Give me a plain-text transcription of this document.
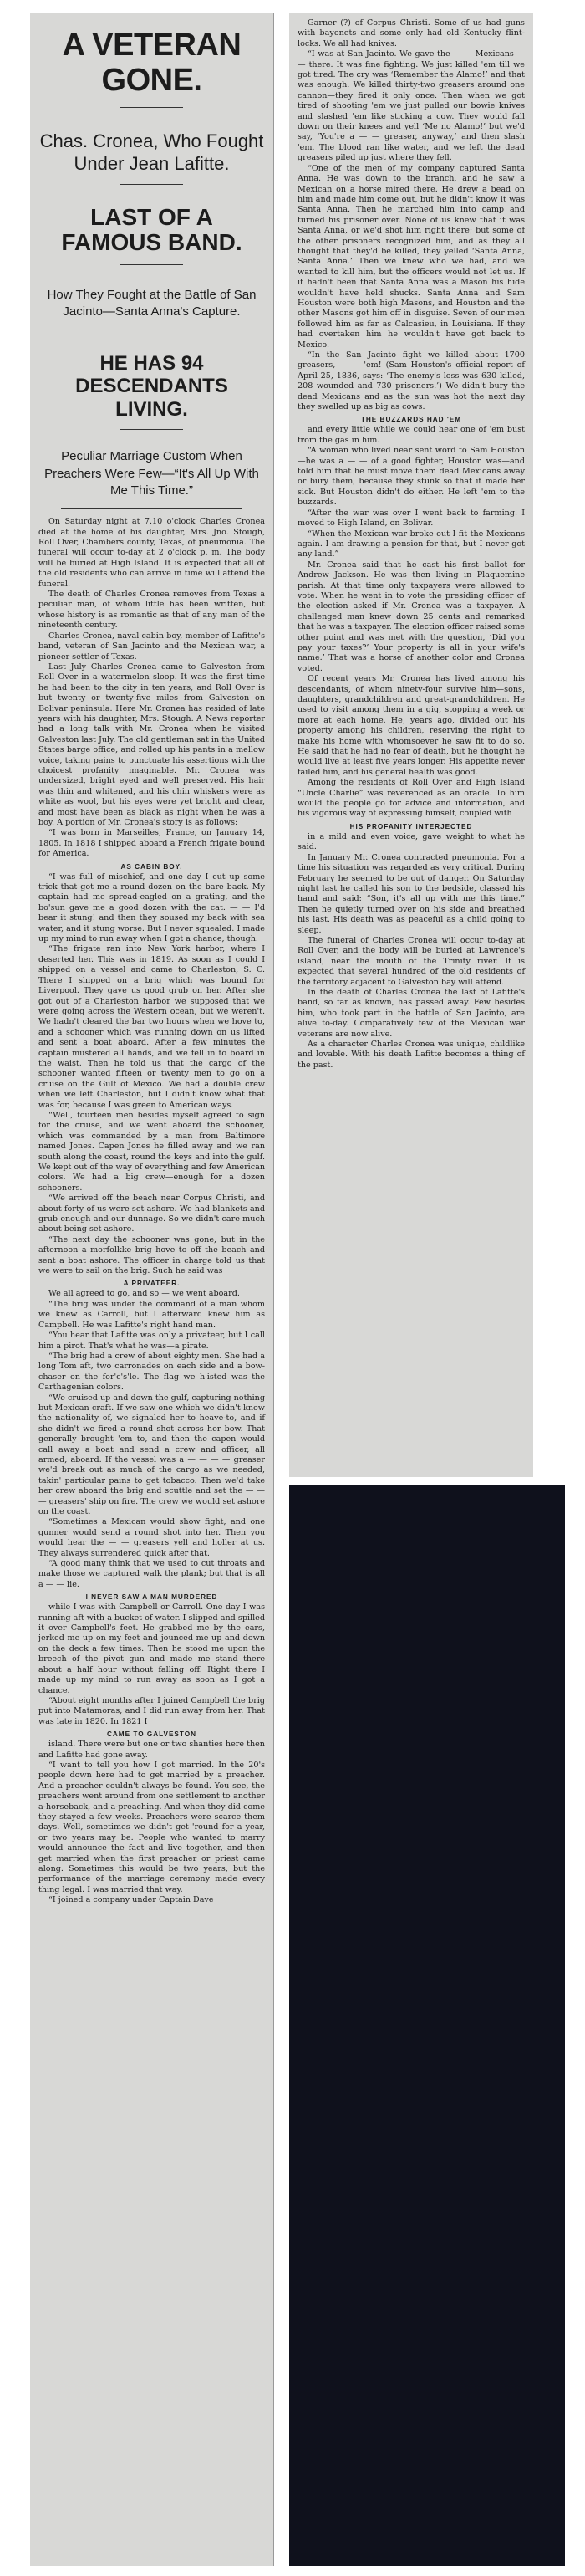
A VETERAN GONE.
Chas. Cronea, Who Fought Under Jean Lafitte.
LAST OF A FAMOUS BAND.
How They Fought at the Battle of San Jacinto—Santa Anna's Capture.
HE HAS 94 DESCENDANTS LIVING.
Peculiar Marriage Custom When Preachers Were Few—“It's All Up With Me This Time.”
On Saturday night at 7.10 o'clock Charles Cronea died at the home of his daughter, Mrs. Jno. Stough, Roll Over, Chambers county, Texas, of pneumonia. The funeral will occur to-day at 2 o'clock p. m. The body will be buried at High Island. It is expected that all of the old residents who can arrive in time will attend the funeral.
The death of Charles Cronea removes from Texas a peculiar man, of whom little has been written, but whose history is as romantic as that of any man of the nineteenth century.
Charles Cronea, naval cabin boy, member of Lafitte's band, veteran of San Jacinto and the Mexican war, a pioneer settler of Texas.
Last July Charles Cronea came to Galveston from Roll Over in a watermelon sloop. It was the first time he had been to the city in ten years, and Roll Over is but twenty or twenty-five miles from Galveston on Bolivar peninsula. Here Mr. Cronea has resided of late years with his daughter, Mrs. Stough. A News reporter had a long talk with Mr. Cronea when he visited Galveston last July. The old gentleman sat in the United States barge office, and rolled up his pants in a mellow voice, taking pains to punctuate his assertions with the choicest profanity imaginable. Mr. Cronea was undersized, bright eyed and well preserved. His hair was thin and whitened, and his chin whiskers were as white as wool, but his eyes were yet bright and clear, and most have been as black as night when he was a boy. A portion of Mr. Cronea's story is as follows:
“I was born in Marseilles, France, on January 14, 1805. In 1818 I shipped aboard a French frigate bound for America.
AS CABIN BOY.
“I was full of mischief, and one day I cut up some trick that got me a round dozen on the bare back. My captain had me spread-eagled on a grating, and the bo'sun gave me a good dozen with the cat. — — I'd bear it stung! and then they soused my back with sea water, and it stung worse. But I never squealed. I made up my mind to run away when I got a chance, though.
“The frigate ran into New York harbor, where I deserted her. This was in 1819. As soon as I could I shipped on a vessel and came to Charleston, S. C. There I shipped on a brig which was bound for Liverpool. They gave us good grub on her. After she got out of a Charleston harbor we supposed that we were going across the Western ocean, but we weren't. We hadn't cleared the bar two hours when we hove to, and a schooner which was running down on us lifted and sent a boat aboard. After a few minutes the captain mustered all hands, and we fell in to board in the waist. Then he told us that the cargo of the schooner wanted fifteen or twenty men to go on a cruise on the Gulf of Mexico. We had a double crew when we left Charleston, but I didn't know what that was for, because I was green to American ways.
“Well, fourteen men besides myself agreed to sign for the cruise, and we went aboard the schooner, which was commanded by a man from Baltimore named Jones. Capen Jones he filled away and we ran south along the coast, round the keys and into the gulf. We kept out of the way of everything and few American colors. We had a big crew—enough for a dozen schooners.
“We arrived off the beach near Corpus Christi, and about forty of us were set ashore. We had blankets and grub enough and our dunnage. So we didn't care much about being set ashore.
“The next day the schooner was gone, but in the afternoon a morfolkke brig hove to off the beach and sent a boat ashore. The officer in charge told us that we were to sail on the brig. Such he said was
A PRIVATEER.
We all agreed to go, and so — we went aboard.
“The brig was under the command of a man whom we knew as Carroll, but I afterward knew him as Campbell. He was Lafitte's right hand man.
“You hear that Lafitte was only a privateer, but I call him a pirot. That's what he was—a pirate.
“The brig had a crew of about eighty men. She had a long Tom aft, two carronades on each side and a bow-chaser on the for'c's'le. The flag we h'isted was the Carthagenian colors.
“We cruised up and down the gulf, capturing nothing but Mexican craft. If we saw one which we didn't know the nationality of, we signaled her to heave-to, and if she didn't we fired a round shot across her bow. That generally brought 'em to, and then the capen would call away a boat and send a crew and officer, all armed, aboard. If the vessel was a — — — — greaser we'd break out as much of the cargo as we needed, takin' particular pains to get tobacco. Then we'd take her crew aboard the brig and scuttle and set the — — — greasers' ship on fire. The crew we would set ashore on the coast.
“Sometimes a Mexican would show fight, and one gunner would send a round shot into her. Then you would hear the — — greasers yell and holler at us. They always surrendered quick after that.
“A good many think that we used to cut throats and make those we captured walk the plank; but that is all a — — lie.
I NEVER SAW A MAN MURDERED
while I was with Campbell or Carroll. One day I was running aft with a bucket of water. I slipped and spilled it over Campbell's feet. He grabbed me by the ears, jerked me up on my feet and jounced me up and down on the deck a few times. Then he stood me upon the breech of the pivot gun and made me stand there about a half hour without falling off. Right there I made up my mind to run away as soon as I got a chance.
“About eight months after I joined Campbell the brig put into Matamoras, and I did run away from her. That was late in 1820. In 1821 I
CAME TO GALVESTON
island. There were but one or two shanties here then and Lafitte had gone away.
“I want to tell you how I got married. In the 20's people down here had to get married by a preacher. And a preacher couldn't always be found. You see, the preachers went around from one settlement to another a-horseback, and a-preaching. And when they did come they stayed a few weeks. Preachers were scarce them days. Well, sometimes we didn't get 'round for a year, or two years may be. People who wanted to marry would announce the fact and live together, and then get married when the first preacher or priest came along. Sometimes this would be two years, but the performance of the marriage ceremony made every thing legal. I was married that way.
“I joined a company under Captain Dave
Garner (?) of Corpus Christi. Some of us had guns with bayonets and some only had old Kentucky flint-locks. We all had knives.
“I was at San Jacinto. We gave the — — Mexicans — — there. It was fine fighting. We just killed 'em till we got tired. The cry was ‘Remember the Alamo!’ and that was enough. We killed thirty-two greasers around one cannon—they fired it only once. Then when we got tired of shooting 'em we just pulled our bowie knives and slashed 'em like sticking a cow. They would fall down on their knees and yell ‘Me no Alamo!’ but we'd say, ‘You're a — — greaser, anyway,’ and then slash 'em. The blood ran like water, and we left the dead greasers piled up just where they fell.
“One of the men of my company captured Santa Anna. He was down to the branch, and he saw a Mexican on a horse mired there. He drew a bead on him and made him come out, but he didn't know it was Santa Anna. Then he marched him into camp and turned his prisoner over. None of us knew that it was Santa Anna, or we'd shot him right there; but some of the other prisoners recognized him, and as they all thought that they'd be killed, they yelled ‘Santa Anna, Santa Anna.’ Then we knew who we had, and we wanted to kill him, but the officers would not let us. If it hadn't been that Santa Anna was a Mason his hide wouldn't have held shucks. Santa Anna and Sam Houston were both high Masons, and Houston and the other Masons got him off in disguise. Seven of our men followed him as far as Calcasieu, in Louisiana. If they had overtaken him he wouldn't have got back to Mexico.
“In the San Jacinto fight we killed about 1700 greasers, — — 'em! (Sam Houston's official report of April 25, 1836, says: ‘The enemy's loss was 630 killed, 208 wounded and 730 prisoners.’) We didn't bury the dead Mexicans and as the sun was hot the next day they swelled up as big as cows.
THE BUZZARDS HAD 'EM
and every little while we could hear one of 'em bust from the gas in him.
“A woman who lived near sent word to Sam Houston—he was a — — of a good fighter, Houston was—and told him that he must move them dead Mexicans away or bury them, because they stunk so that it made her sick. But Houston didn't do either. He left 'em to the buzzards.
“After the war was over I went back to farming. I moved to High Island, on Bolivar.
“When the Mexican war broke out I fit the Mexicans again. I am drawing a pension for that, but I never got any land.”
Mr. Cronea said that he cast his first ballot for Andrew Jackson. He was then living in Plaquemine parish. At that time only taxpayers were allowed to vote. When he went in to vote the presiding officer of the election asked if Mr. Cronea was a taxpayer. A challenged man knew down 25 cents and remarked that he was a taxpayer. The election officer raised some other point and was met with the question, ‘Did you pay your taxes?’ Your property is all in your wife's name.’ That was a horse of another color and Cronea voted.
Of recent years Mr. Cronea has lived among his descendants, of whom ninety-four survive him—sons, daughters, grandchildren and great-grandchildren. He used to visit among them in a gig, stopping a week or more at each home. He, years ago, divided out his property among his children, reserving the right to make his home with whomsoever he saw fit to do so. He said that he had no fear of death, but he thought he would live at least five years longer. His appetite never failed him, and his general health was good.
Among the residents of Roll Over and High Island “Uncle Charlie” was reverenced as an oracle. To him would the people go for advice and information, and his vigorous way of expressing himself, coupled with
HIS PROFANITY INTERJECTED
in a mild and even voice, gave weight to what he said.
In January Mr. Cronea contracted pneumonia. For a time his situation was regarded as very critical. During February he seemed to be out of danger. On Saturday night last he called his son to the bedside, classed his hand and said: “Son, it's all up with me this time.” Then he quietly turned over on his side and breathed his last. His death was as peaceful as a child going to sleep.
The funeral of Charles Cronea will occur to-day at Roll Over, and the body will be buried at Lawrence's island, near the mouth of the Trinity river. It is expected that several hundred of the old residents of the territory adjacent to Galveston bay will attend.
In the death of Charles Cronea the last of Lafitte's band, so far as known, has passed away. Few besides him, who took part in the battle of San Jacinto, are alive to-day. Comparatively few of the Mexican war veterans are now alive.
As a character Charles Cronea was unique, childlike and lovable. With his death Lafitte becomes a thing of the past.
